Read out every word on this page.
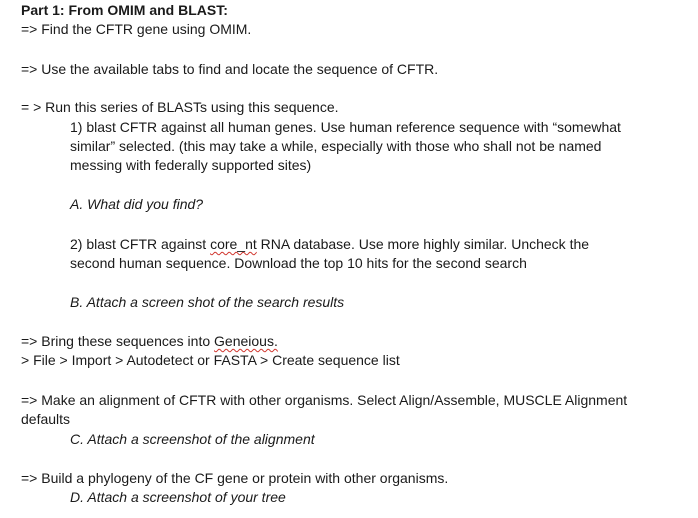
Part 1: From OMIM and BLAST:
=> Find the CFTR gene using OMIM.
=> Use the available tabs to find and locate the sequence of CFTR.
= > Run this series of BLASTs using this sequence.
1) blast CFTR against all human genes. Use human reference sequence with “somewhat
similar” selected. (this may take a while, especially with those who shall not be named
messing with federally supported sites)
A. What did you find?
2) blast CFTR against core_nt RNA database. Use more highly similar. Uncheck the
second human sequence. Download the top 10 hits for the second search
B. Attach a screen shot of the search results
=> Bring these sequences into Geneious.
> File > Import > Autodetect or FASTA > Create sequence list
=> Make an alignment of CFTR with other organisms. Select Align/Assemble, MUSCLE Alignment
defaults
C. Attach a screenshot of the alignment
=> Build a phylogeny of the CF gene or protein with other organisms.
D. Attach a screenshot of your tree
